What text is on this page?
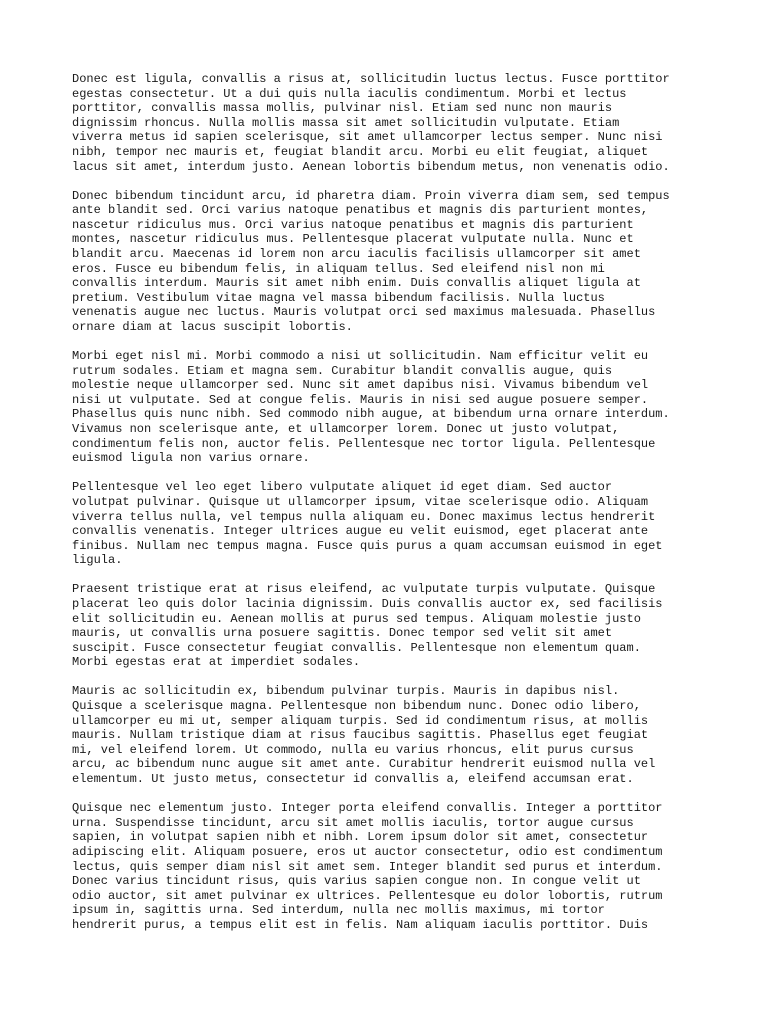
Donec est ligula, convallis a risus at, sollicitudin luctus lectus. Fusce porttitor
egestas consectetur. Ut a dui quis nulla iaculis condimentum. Morbi et lectus
porttitor, convallis massa mollis, pulvinar nisl. Etiam sed nunc non mauris
dignissim rhoncus. Nulla mollis massa sit amet sollicitudin vulputate. Etiam
viverra metus id sapien scelerisque, sit amet ullamcorper lectus semper. Nunc nisi
nibh, tempor nec mauris et, feugiat blandit arcu. Morbi eu elit feugiat, aliquet
lacus sit amet, interdum justo. Aenean lobortis bibendum metus, non venenatis odio.

Donec bibendum tincidunt arcu, id pharetra diam. Proin viverra diam sem, sed tempus
ante blandit sed. Orci varius natoque penatibus et magnis dis parturient montes,
nascetur ridiculus mus. Orci varius natoque penatibus et magnis dis parturient
montes, nascetur ridiculus mus. Pellentesque placerat vulputate nulla. Nunc et
blandit arcu. Maecenas id lorem non arcu iaculis facilisis ullamcorper sit amet
eros. Fusce eu bibendum felis, in aliquam tellus. Sed eleifend nisl non mi
convallis interdum. Mauris sit amet nibh enim. Duis convallis aliquet ligula at
pretium. Vestibulum vitae magna vel massa bibendum facilisis. Nulla luctus
venenatis augue nec luctus. Mauris volutpat orci sed maximus malesuada. Phasellus
ornare diam at lacus suscipit lobortis.

Morbi eget nisl mi. Morbi commodo a nisi ut sollicitudin. Nam efficitur velit eu
rutrum sodales. Etiam et magna sem. Curabitur blandit convallis augue, quis
molestie neque ullamcorper sed. Nunc sit amet dapibus nisi. Vivamus bibendum vel
nisi ut vulputate. Sed at congue felis. Mauris in nisi sed augue posuere semper.
Phasellus quis nunc nibh. Sed commodo nibh augue, at bibendum urna ornare interdum.
Vivamus non scelerisque ante, et ullamcorper lorem. Donec ut justo volutpat,
condimentum felis non, auctor felis. Pellentesque nec tortor ligula. Pellentesque
euismod ligula non varius ornare.

Pellentesque vel leo eget libero vulputate aliquet id eget diam. Sed auctor
volutpat pulvinar. Quisque ut ullamcorper ipsum, vitae scelerisque odio. Aliquam
viverra tellus nulla, vel tempus nulla aliquam eu. Donec maximus lectus hendrerit
convallis venenatis. Integer ultrices augue eu velit euismod, eget placerat ante
finibus. Nullam nec tempus magna. Fusce quis purus a quam accumsan euismod in eget
ligula.

Praesent tristique erat at risus eleifend, ac vulputate turpis vulputate. Quisque
placerat leo quis dolor lacinia dignissim. Duis convallis auctor ex, sed facilisis
elit sollicitudin eu. Aenean mollis at purus sed tempus. Aliquam molestie justo
mauris, ut convallis urna posuere sagittis. Donec tempor sed velit sit amet
suscipit. Fusce consectetur feugiat convallis. Pellentesque non elementum quam.
Morbi egestas erat at imperdiet sodales.

Mauris ac sollicitudin ex, bibendum pulvinar turpis. Mauris in dapibus nisl.
Quisque a scelerisque magna. Pellentesque non bibendum nunc. Donec odio libero,
ullamcorper eu mi ut, semper aliquam turpis. Sed id condimentum risus, at mollis
mauris. Nullam tristique diam at risus faucibus sagittis. Phasellus eget feugiat
mi, vel eleifend lorem. Ut commodo, nulla eu varius rhoncus, elit purus cursus
arcu, ac bibendum nunc augue sit amet ante. Curabitur hendrerit euismod nulla vel
elementum. Ut justo metus, consectetur id convallis a, eleifend accumsan erat.

Quisque nec elementum justo. Integer porta eleifend convallis. Integer a porttitor
urna. Suspendisse tincidunt, arcu sit amet mollis iaculis, tortor augue cursus
sapien, in volutpat sapien nibh et nibh. Lorem ipsum dolor sit amet, consectetur
adipiscing elit. Aliquam posuere, eros ut auctor consectetur, odio est condimentum
lectus, quis semper diam nisl sit amet sem. Integer blandit sed purus et interdum.
Donec varius tincidunt risus, quis varius sapien congue non. In congue velit ut
odio auctor, sit amet pulvinar ex ultrices. Pellentesque eu dolor lobortis, rutrum
ipsum in, sagittis urna. Sed interdum, nulla nec mollis maximus, mi tortor
hendrerit purus, a tempus elit est in felis. Nam aliquam iaculis porttitor. Duis
